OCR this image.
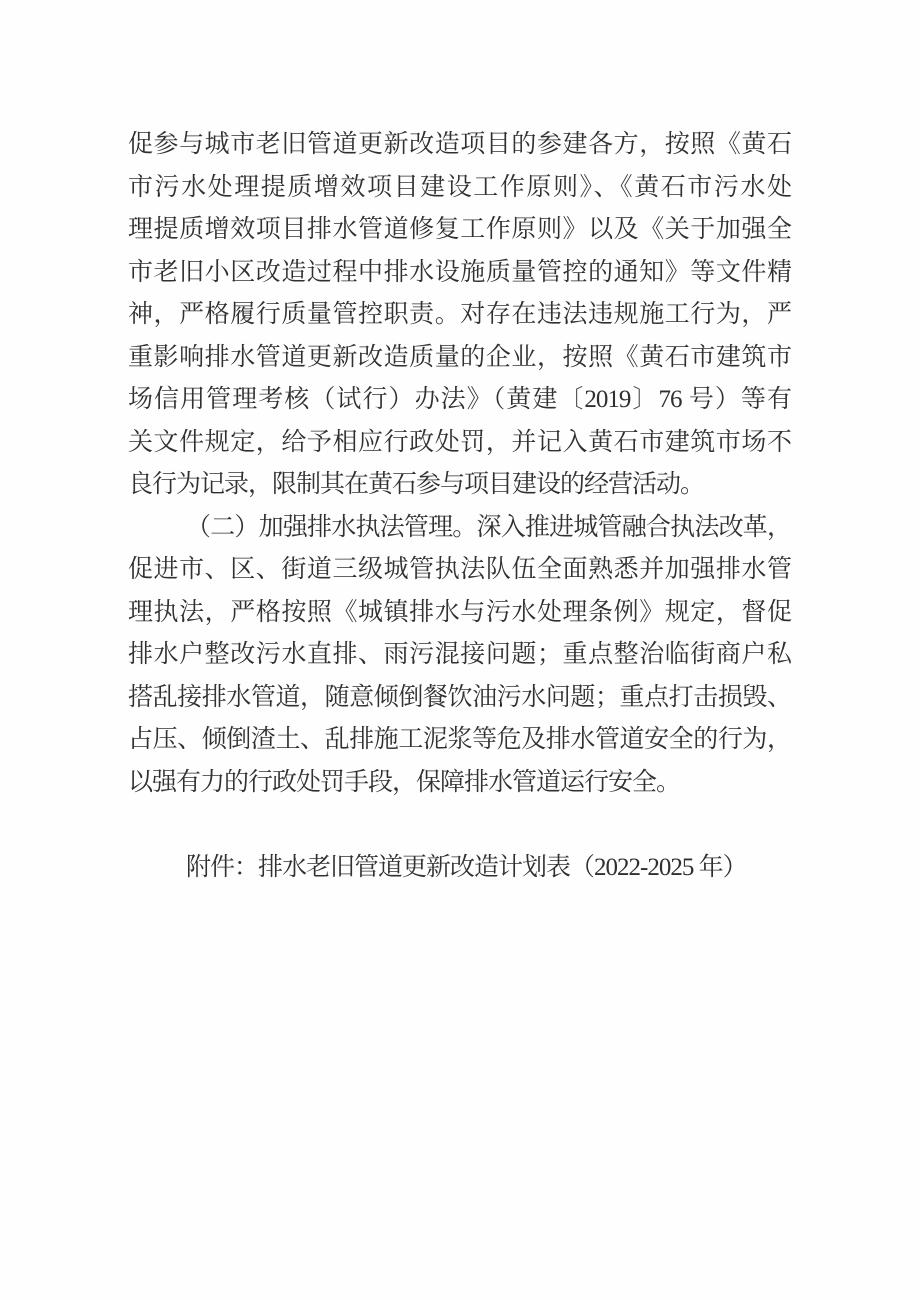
促参与城市老旧管道更新改造项目的参建各方，按照《黄石
市污水处理提质增效项目建设工作原则》、《黄石市污水处
理提质增效项目排水管道修复工作原则》以及《关于加强全
市老旧小区改造过程中排水设施质量管控的通知》等文件精
神，严格履行质量管控职责。对存在违法违规施工行为，严
重影响排水管道更新改造质量的企业，按照《黄石市建筑市
场信用管理考核（试行）办法》（黄建〔2019〕76 号）等有
关文件规定，给予相应行政处罚，并记入黄石市建筑市场不
良行为记录，限制其在黄石参与项目建设的经营活动。
（二）加强排水执法管理。深入推进城管融合执法改革，
促进市、区、街道三级城管执法队伍全面熟悉并加强排水管
理执法，严格按照《城镇排水与污水处理条例》规定，督促
排水户整改污水直排、雨污混接问题；重点整治临街商户私
搭乱接排水管道，随意倾倒餐饮油污水问题；重点打击损毁、
占压、倾倒渣土、乱排施工泥浆等危及排水管道安全的行为，
以强有力的行政处罚手段，保障排水管道运行安全。
附件：排水老旧管道更新改造计划表（2022-2025 年）
